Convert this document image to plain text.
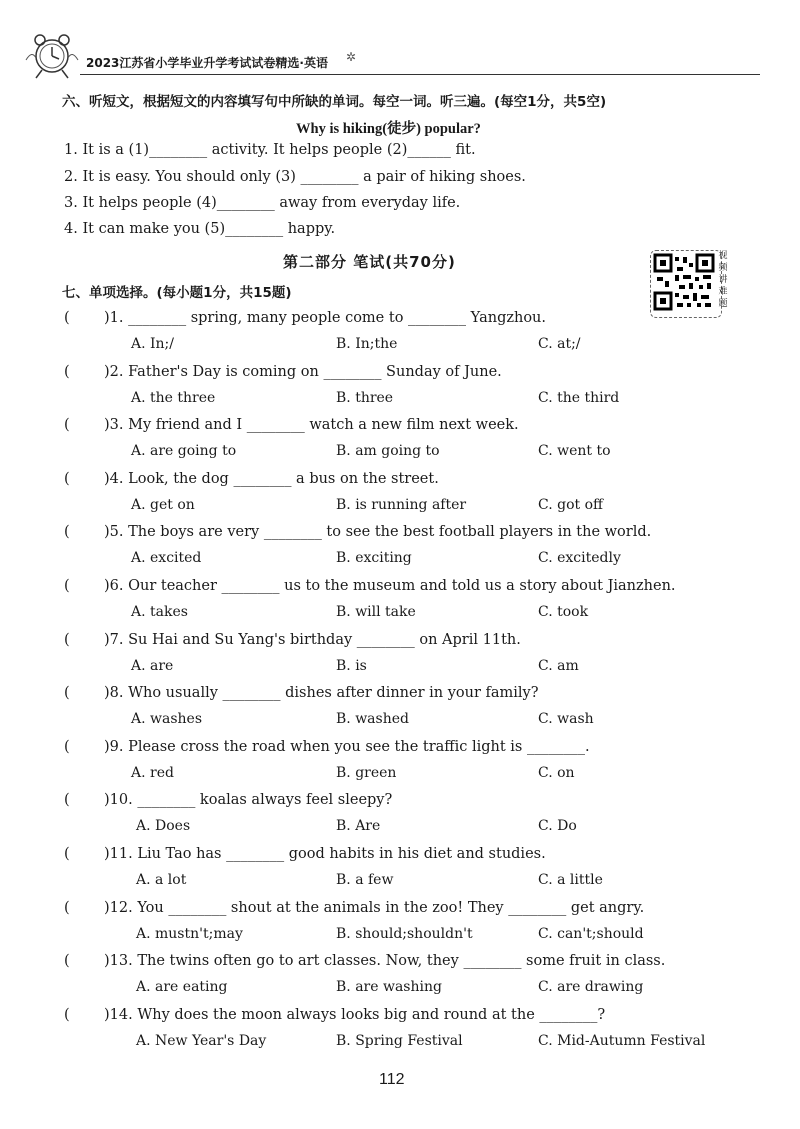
2023江苏省小学毕业升学考试试卷精选·英语 ✲
六、听短文，根据短文的内容填写句中所缺的单词。每空一词。听三遍。(每空1分，共5空)
Why is hiking(徒步) popular?
1. It is a (1)________ activity. It helps people (2)______ fit.
2. It is easy. You should only (3) ________ a pair of hiking shoes.
3. It helps people (4)________ away from everyday life.
4. It can make you (5)________ happy.
第二部分 笔试(共70分)	视频讲难题
七、单项选择。(每小题1分，共15题)
( )1. ________ spring, many people come to ________ Yangzhou.
A. In;/	B. In;the	C. at;/
( )2. Father's Day is coming on ________ Sunday of June.
A. the three	B. three	C. the third
( )3. My friend and I ________ watch a new film next week.
A. are going to	B. am going to	C. went to
( )4. Look, the dog ________ a bus on the street.
A. get on	B. is running after	C. got off
( )5. The boys are very ________ to see the best football players in the world.
A. excited	B. exciting	C. excitedly
( )6. Our teacher ________ us to the museum and told us a story about Jianzhen.
A. takes	B. will take	C. took
( )7. Su Hai and Su Yang's birthday ________ on April 11th.
A. are	B. is	C. am
( )8. Who usually ________ dishes after dinner in your family?
A. washes	B. washed	C. wash
( )9. Please cross the road when you see the traffic light is ________.
A. red	B. green	C. on
( )10. ________ koalas always feel sleepy?
A. Does	B. Are	C. Do
( )11. Liu Tao has ________ good habits in his diet and studies.
A. a lot	B. a few	C. a little
( )12. You ________ shout at the animals in the zoo! They ________ get angry.
A. mustn't;may	B. should;shouldn't	C. can't;should
( )13. The twins often go to art classes. Now, they ________ some fruit in class.
A. are eating	B. are washing	C. are drawing
( )14. Why does the moon always looks big and round at the ________?
A. New Year's Day	B. Spring Festival	C. Mid-Autumn Festival
112
